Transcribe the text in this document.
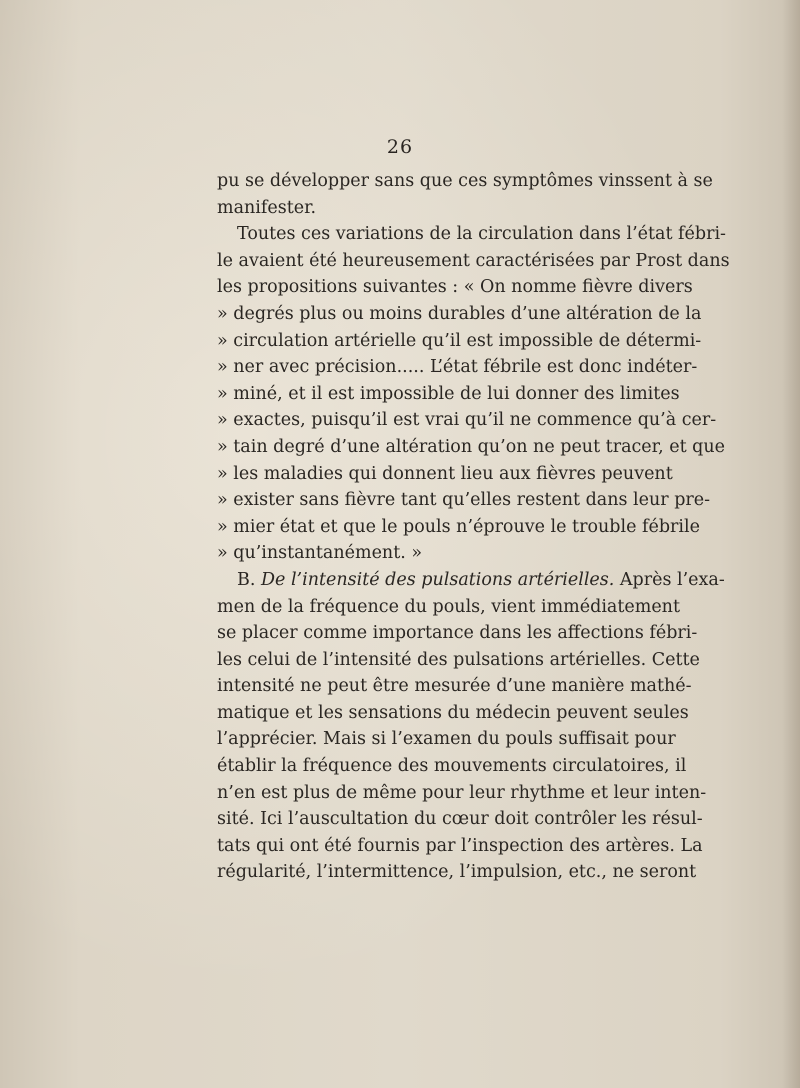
26
pu se développer sans que ces symptômes vinssent à se
manifester.
Toutes ces variations de la circulation dans l’état fébri-
le avaient été heureusement caractérisées par Prost dans
les propositions suivantes : « On nomme fièvre divers
» degrés plus ou moins durables d’une altération de la
» circulation artérielle qu’il est impossible de détermi-
» ner avec précision..... L’état fébrile est donc indéter-
» miné, et il est impossible de lui donner des limites
» exactes, puisqu’il est vrai qu’il ne commence qu’à cer-
» tain degré d’une altération qu’on ne peut tracer, et que
» les maladies qui donnent lieu aux fièvres peuvent
» exister sans fièvre tant qu’elles restent dans leur pre-
» mier état et que le pouls n’éprouve le trouble fébrile
» qu’instantanément. »
B. De l’intensité des pulsations artérielles. Après l’exa-
men de la fréquence du pouls, vient immédiatement
se placer comme importance dans les affections fébri-
les celui de l’intensité des pulsations artérielles. Cette
intensité ne peut être mesurée d’une manière mathé-
matique et les sensations du médecin peuvent seules
l’apprécier. Mais si l’examen du pouls suffisait pour
établir la fréquence des mouvements circulatoires, il
n’en est plus de même pour leur rhythme et leur inten-
sité. Ici l’auscultation du cœur doit contrôler les résul-
tats qui ont été fournis par l’inspection des artères. La
régularité, l’intermittence, l’impulsion, etc., ne seront
